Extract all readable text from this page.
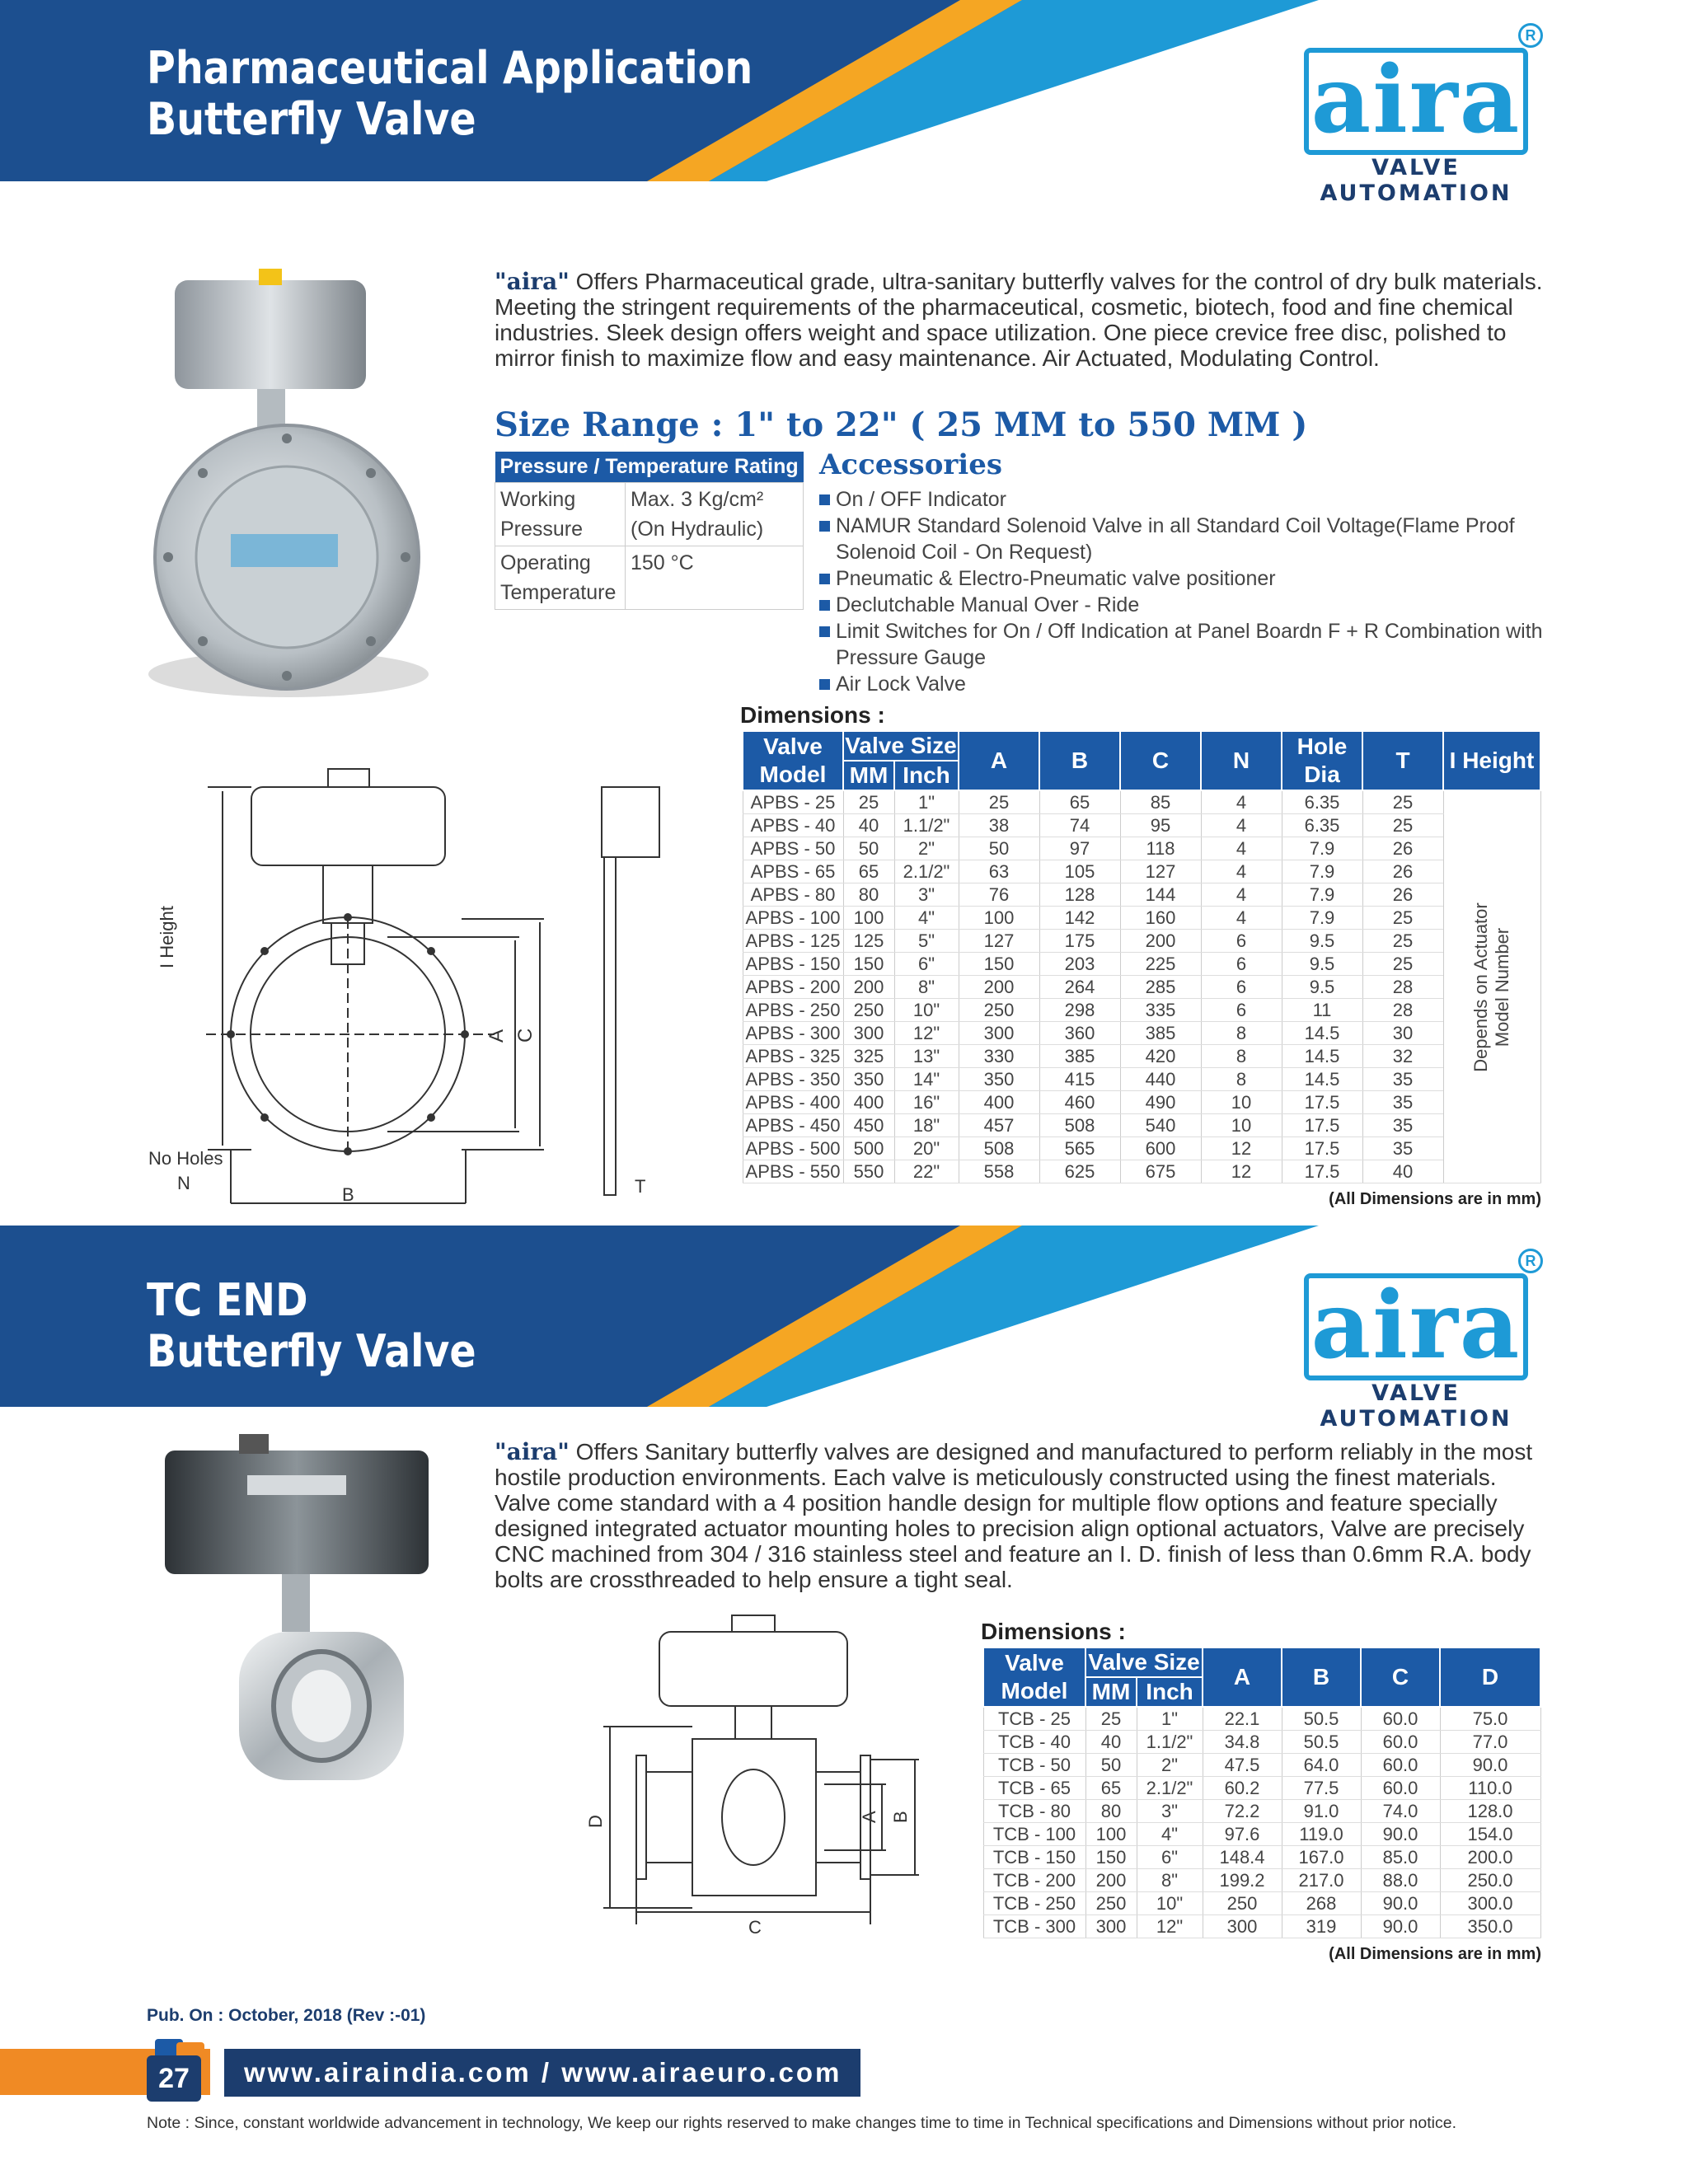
Pharmaceutical Application
Butterfly Valve
R
aira
VALVE AUTOMATION
"aira" Offers Pharmaceutical grade, ultra-sanitary butterfly valves for the control of dry bulk materials. Meeting the stringent requirements of the pharmaceutical, cosmetic, biotech, food and fine chemical industries. Sleek design offers weight and space utilization. One piece crevice free disc, polished to mirror finish to maximize flow and easy maintenance. Air Actuated, Modulating Control.
Size Range : 1" to 22" ( 25 MM to 550 MM )
Pressure / Temperature Rating	
Working Pressure	Max. 3 Kg/cm² (On Hydraulic)
Operating Temperature	150 °C
Accessories
On / OFF Indicator
NAMUR Standard Solenoid Valve in all Standard Coil Voltage(Flame Proof Solenoid Coil - On Request)
Pneumatic & Electro-Pneumatic valve positioner
Declutchable Manual Over - Ride
Limit Switches for On / Off Indication at Panel Boardn F + R Combination with Pressure Gauge
Air Lock Valve
I Height
A C
B
No Holes
N	T
Dimensions :
Valve Model	Valve Size		A	B	C	N	Hole Dia	T	I Height
	MM	Inch							
APBS - 25	25	1"	25	65	85	4	6.35	25	Depends on Actuator Model Number

APBS - 40	40	1.1/2"	38	74	95	4	6.35	25	
APBS - 50	50	2"	50	97	118	4	7.9	26	
APBS - 65	65	2.1/2"	63	105	127	4	7.9	26	
APBS - 80	80	3"	76	128	144	4	7.9	26	
APBS - 100	100	4"	100	142	160	4	7.9	25	
APBS - 125	125	5"	127	175	200	6	9.5	25	
APBS - 150	150	6"	150	203	225	6	9.5	25	
APBS - 200	200	8"	200	264	285	6	9.5	28	
APBS - 250	250	10"	250	298	335	6	11	28	
APBS - 300	300	12"	300	360	385	8	14.5	30	
APBS - 325	325	13"	330	385	420	8	14.5	32	
APBS - 350	350	14"	350	415	440	8	14.5	35	
APBS - 400	400	16"	400	460	490	10	17.5	35	
APBS - 450	450	18"	457	508	540	10	17.5	35	
APBS - 500	500	20"	508	565	600	12	17.5	35	
APBS - 550	550	22"	558	625	675	12	17.5	40	
(All Dimensions are in mm)
TC END
Butterfly Valve
R
aira
VALVE AUTOMATION
"aira" Offers Sanitary butterfly valves are designed and manufactured to perform reliably in the most hostile production environments. Each valve is meticulously constructed using the finest materials. Valve come standard with a 4 position handle design for multiple flow options and feature specially designed integrated actuator mounting holes to precision align optional actuators, Valve are precisely CNC machined from 304 / 316 stainless steel and feature an I. D. finish of less than 0.6mm R.A. body bolts are crossthreaded to help ensure a tight seal.
D	A B
C
Dimensions :
Valve Model	Valve Size		A	B	C	D
	MM	Inch				
TCB - 25	25	1"	22.1	50.5	60.0	75.0
TCB - 40	40	1.1/2"	34.8	50.5	60.0	77.0
TCB - 50	50	2"	47.5	64.0	60.0	90.0
TCB - 65	65	2.1/2"	60.2	77.5	60.0	110.0
TCB - 80	80	3"	72.2	91.0	74.0	128.0
TCB - 100	100	4"	97.6	119.0	90.0	154.0
TCB - 150	150	6"	148.4	167.0	85.0	200.0
TCB - 200	200	8"	199.2	217.0	88.0	250.0
TCB - 250	250	10"	250	268	90.0	300.0
TCB - 300	300	12"	300	319	90.0	350.0
(All Dimensions are in mm)
Pub. On : October, 2018 (Rev :-01)
27	www.airaindia.com / www.airaeuro.com
Note : Since, constant worldwide advancement in technology, We keep our rights reserved to make changes time to time in Technical specifications and Dimensions without prior notice.
